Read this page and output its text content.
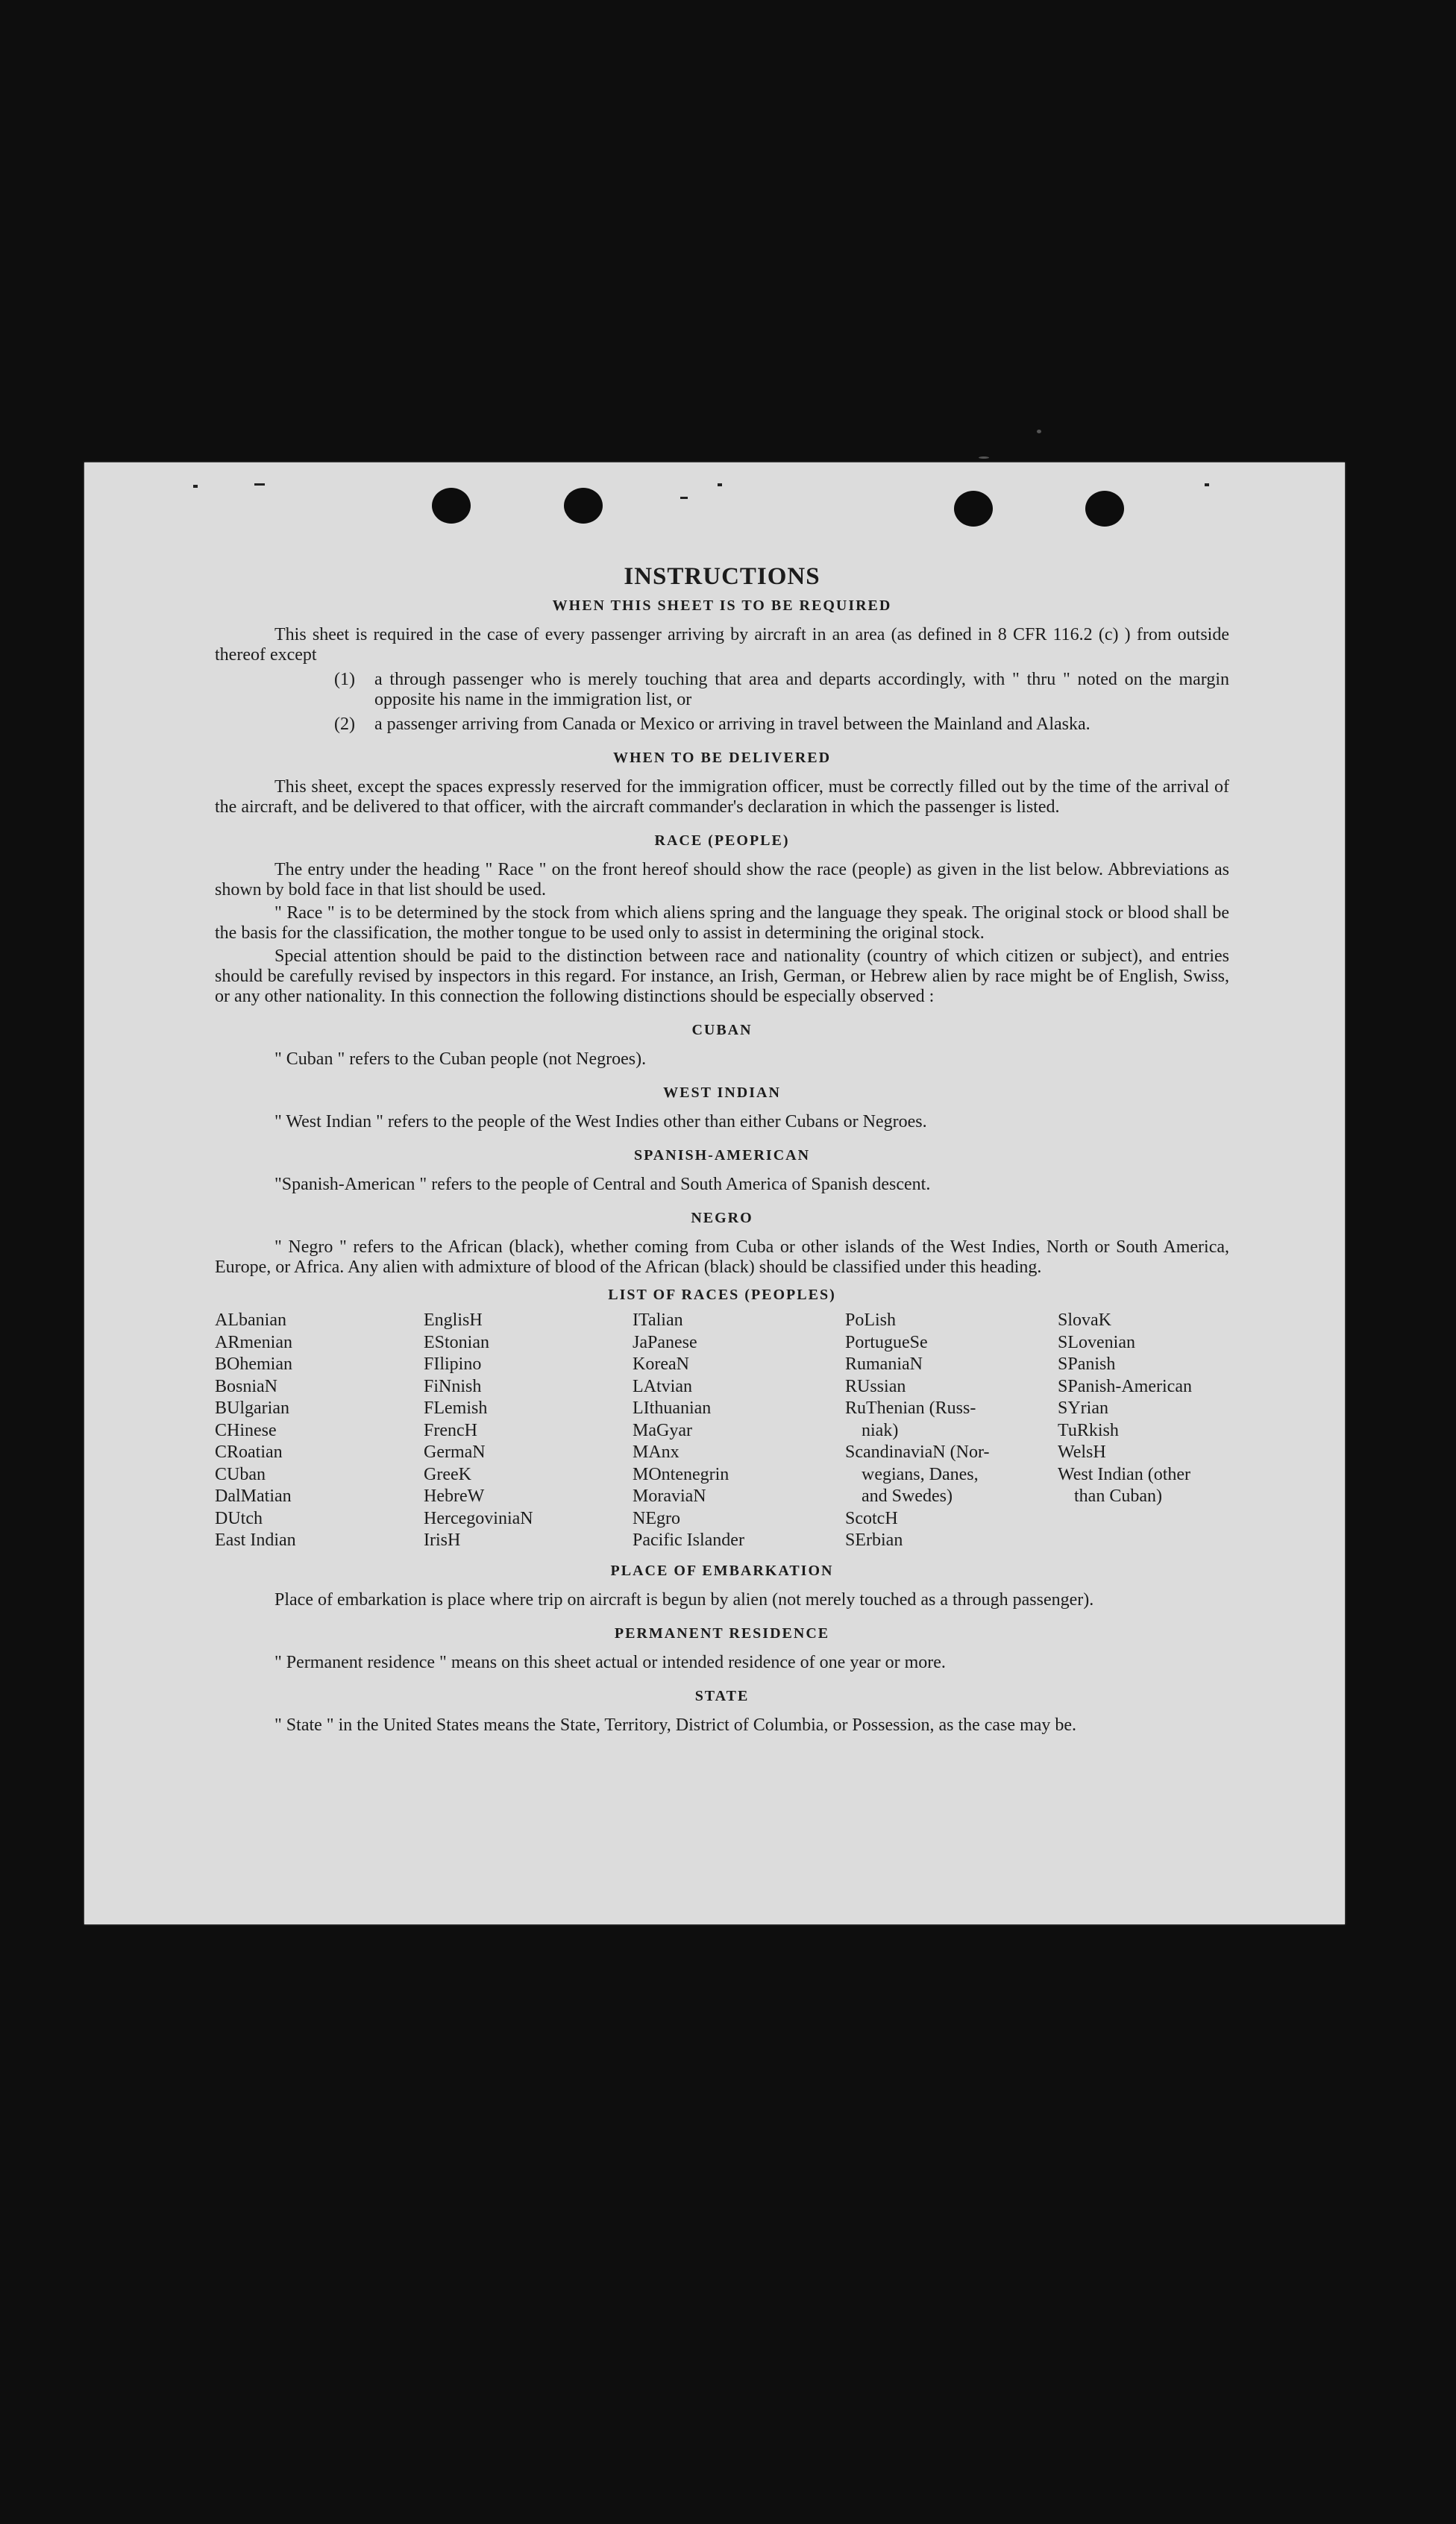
INSTRUCTIONS
WHEN THIS SHEET IS TO BE REQUIRED

This sheet is required in the case of every passenger arriving by aircraft in an area (as defined in 8 CFR 116.2 (c) ) from outside thereof except

(1)	a through passenger who is merely touching that area and departs accordingly, with " thru " noted on the margin opposite his name in the immigration list, or
(2)	a passenger arriving from Canada or Mexico or arriving in travel between the Mainland and Alaska.
WHEN TO BE DELIVERED

This sheet, except the spaces expressly reserved for the immigration officer, must be correctly filled out by the time of the arrival of the aircraft, and be delivered to that officer, with the aircraft commander's declaration in which the passenger is listed.

RACE (PEOPLE)

The entry under the heading " Race " on the front hereof should show the race (people) as given in the list below. Abbreviations as shown by bold face in that list should be used.

" Race " is to be determined by the stock from which aliens spring and the language they speak. The original stock or blood shall be the basis for the classification, the mother tongue to be used only to assist in determining the original stock.

Special attention should be paid to the distinction between race and nationality (country of which citizen or subject), and entries should be carefully revised by inspectors in this regard. For instance, an Irish, German, or Hebrew alien by race might be of English, Swiss, or any other nationality. In this connection the following distinctions should be especially observed :

CUBAN

" Cuban " refers to the Cuban people (not Negroes).

WEST INDIAN

" West Indian " refers to the people of the West Indies other than either Cubans or Negroes.

SPANISH-AMERICAN

"Spanish-American " refers to the people of Central and South America of Spanish descent.

NEGRO

" Negro " refers to the African (black), whether coming from Cuba or other islands of the West Indies, North or South America, Europe, or Africa. Any alien with admixture of blood of the African (black) should be classified under this heading.

LIST OF RACES (PEOPLES)
ALbanian
ARmenian
BOhemian
BosniaN
BUlgarian
CHinese
CRoatian
CUban
DalMatian
DUtch
East Indian
EnglisH
EStonian
FIlipino
FiNnish
FLemish
FrencH
GermaN
GreeK
HebreW
HercegoviniaN
IrisH
ITalian
JaPanese
KoreaN
LAtvian
LIthuanian
MaGyar
MAnx
MOntenegrin
MoraviaN
NEgro
Pacific Islander
PoLish
PortugueSe
RumaniaN
RUssian
RuThenian (Russ-
niak)
ScandinaviaN (Nor-
wegians, Danes,
and Swedes)
ScotcH
SErbian
SlovaK
SLovenian
SPanish
SPanish-American
SYrian
TuRkish
WelsH
West Indian (other
than Cuban)
PLACE OF EMBARKATION

Place of embarkation is place where trip on aircraft is begun by alien (not merely touched as a through passenger).

PERMANENT RESIDENCE

" Permanent residence " means on this sheet actual or intended residence of one year or more.

STATE

" State " in the United States means the State, Territory, District of Columbia, or Possession, as the case may be.
